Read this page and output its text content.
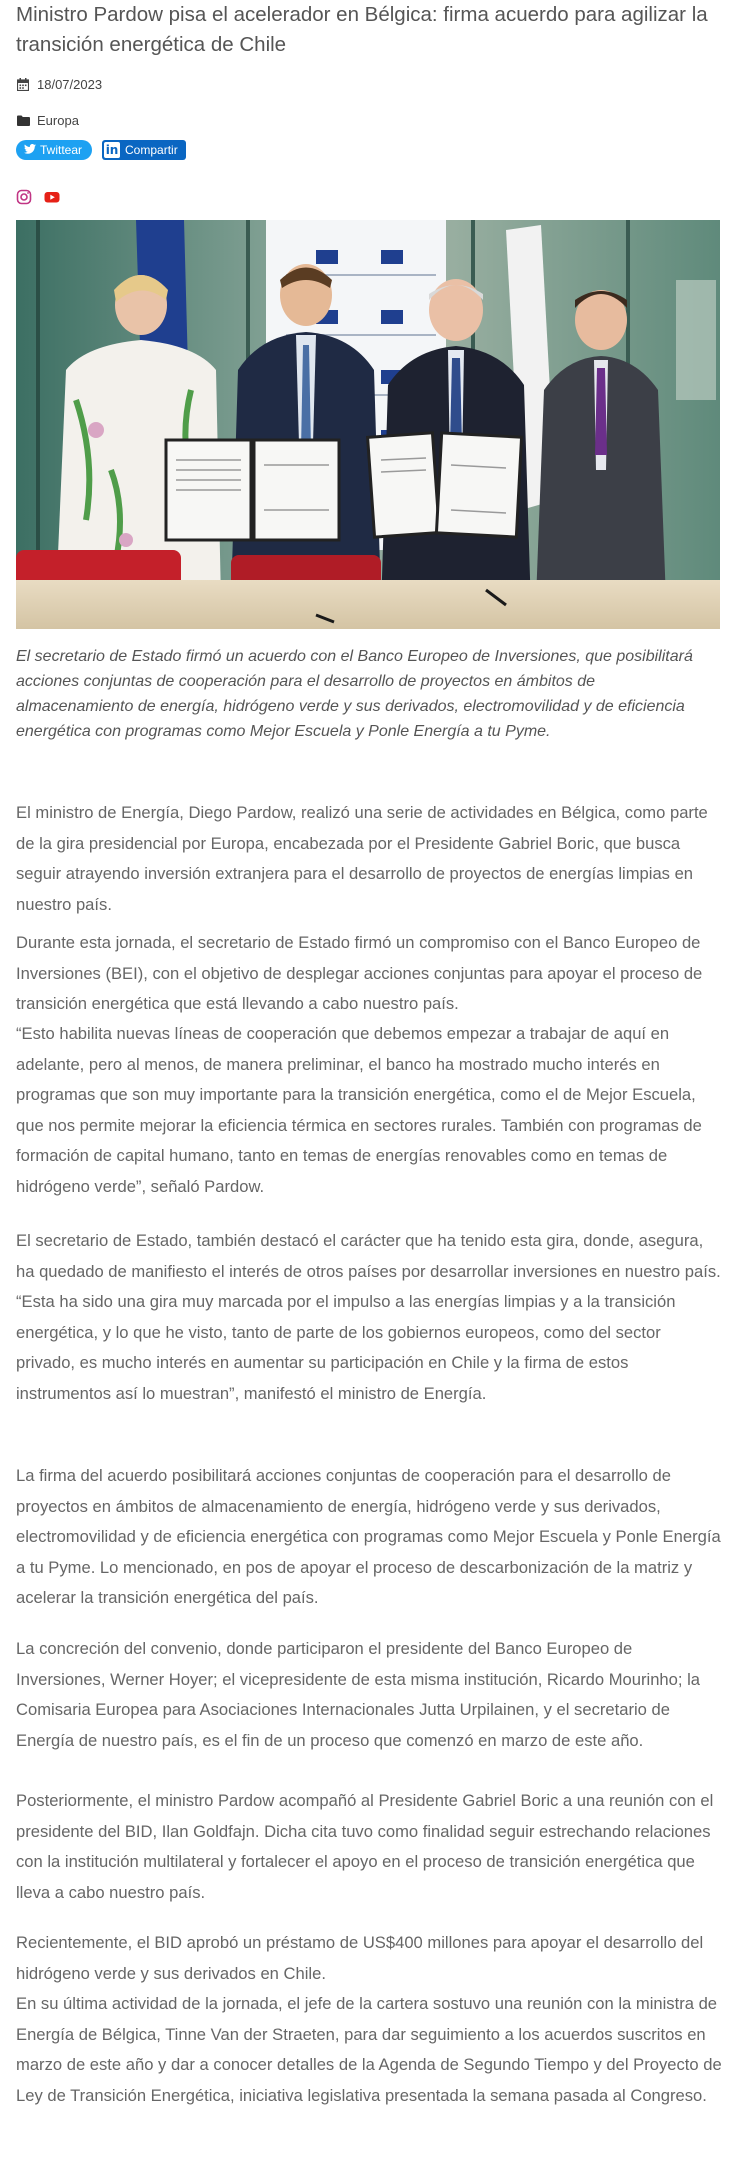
Ministro Pardow pisa el acelerador en Bélgica: firma acuerdo para agilizar la transición energética de Chile
18/07/2023
Europa
Twittear in Compartir
El secretario de Estado firmó un acuerdo con el Banco Europeo de Inversiones, que posibilitará acciones conjuntas de cooperación para el desarrollo de proyectos en ámbitos de almacenamiento de energía, hidrógeno verde y sus derivados, electromovilidad y de eficiencia energética con programas como Mejor Escuela y Ponle Energía a tu Pyme.

El ministro de Energía, Diego Pardow, realizó una serie de actividades en Bélgica, como parte de la gira presidencial por Europa, encabezada por el Presidente Gabriel Boric, que busca seguir atrayendo inversión extranjera para el desarrollo de proyectos de energías limpias en nuestro país.

Durante esta jornada, el secretario de Estado firmó un compromiso con el Banco Europeo de Inversiones (BEI), con el objetivo de desplegar acciones conjuntas para apoyar el proceso de transición energética que está llevando a cabo nuestro país.

“Esto habilita nuevas líneas de cooperación que debemos empezar a trabajar de aquí en adelante, pero al menos, de manera preliminar, el banco ha mostrado mucho interés en programas que son muy importante para la transición energética, como el de Mejor Escuela, que nos permite mejorar la eficiencia térmica en sectores rurales. También con programas de formación de capital humano, tanto en temas de energías renovables como en temas de hidrógeno verde”, señaló Pardow.

El secretario de Estado, también destacó el carácter que ha tenido esta gira, donde, asegura, ha quedado de manifiesto el interés de otros países por desarrollar inversiones en nuestro país. “Esta ha sido una gira muy marcada por el impulso a las energías limpias y a la transición energética, y lo que he visto, tanto de parte de los gobiernos europeos, como del sector privado, es mucho interés en aumentar su participación en Chile y la firma de estos instrumentos así lo muestran”, manifestó el ministro de Energía.

La firma del acuerdo posibilitará acciones conjuntas de cooperación para el desarrollo de proyectos en ámbitos de almacenamiento de energía, hidrógeno verde y sus derivados, electromovilidad y de eficiencia energética con programas como Mejor Escuela y Ponle Energía a tu Pyme. Lo mencionado, en pos de apoyar el proceso de descarbonización de la matriz y acelerar la transición energética del país.

La concreción del convenio, donde participaron el presidente del Banco Europeo de Inversiones, Werner Hoyer; el vicepresidente de esta misma institución, Ricardo Mourinho; la Comisaria Europea para Asociaciones Internacionales Jutta Urpilainen, y el secretario de Energía de nuestro país, es el fin de un proceso que comenzó en marzo de este año.

Posteriormente, el ministro Pardow acompañó al Presidente Gabriel Boric a una reunión con el presidente del BID, Ilan Goldfajn. Dicha cita tuvo como finalidad seguir estrechando relaciones con la institución multilateral y fortalecer el apoyo en el proceso de transición energética que lleva a cabo nuestro país.

Recientemente, el BID aprobó un préstamo de US$400 millones para apoyar el desarrollo del hidrógeno verde y sus derivados en Chile.

En su última actividad de la jornada, el jefe de la cartera sostuvo una reunión con la ministra de Energía de Bélgica, Tinne Van der Straeten, para dar seguimiento a los acuerdos suscritos en marzo de este año y dar a conocer detalles de la Agenda de Segundo Tiempo y del Proyecto de Ley de Transición Energética, iniciativa legislativa presentada la semana pasada al Congreso.
